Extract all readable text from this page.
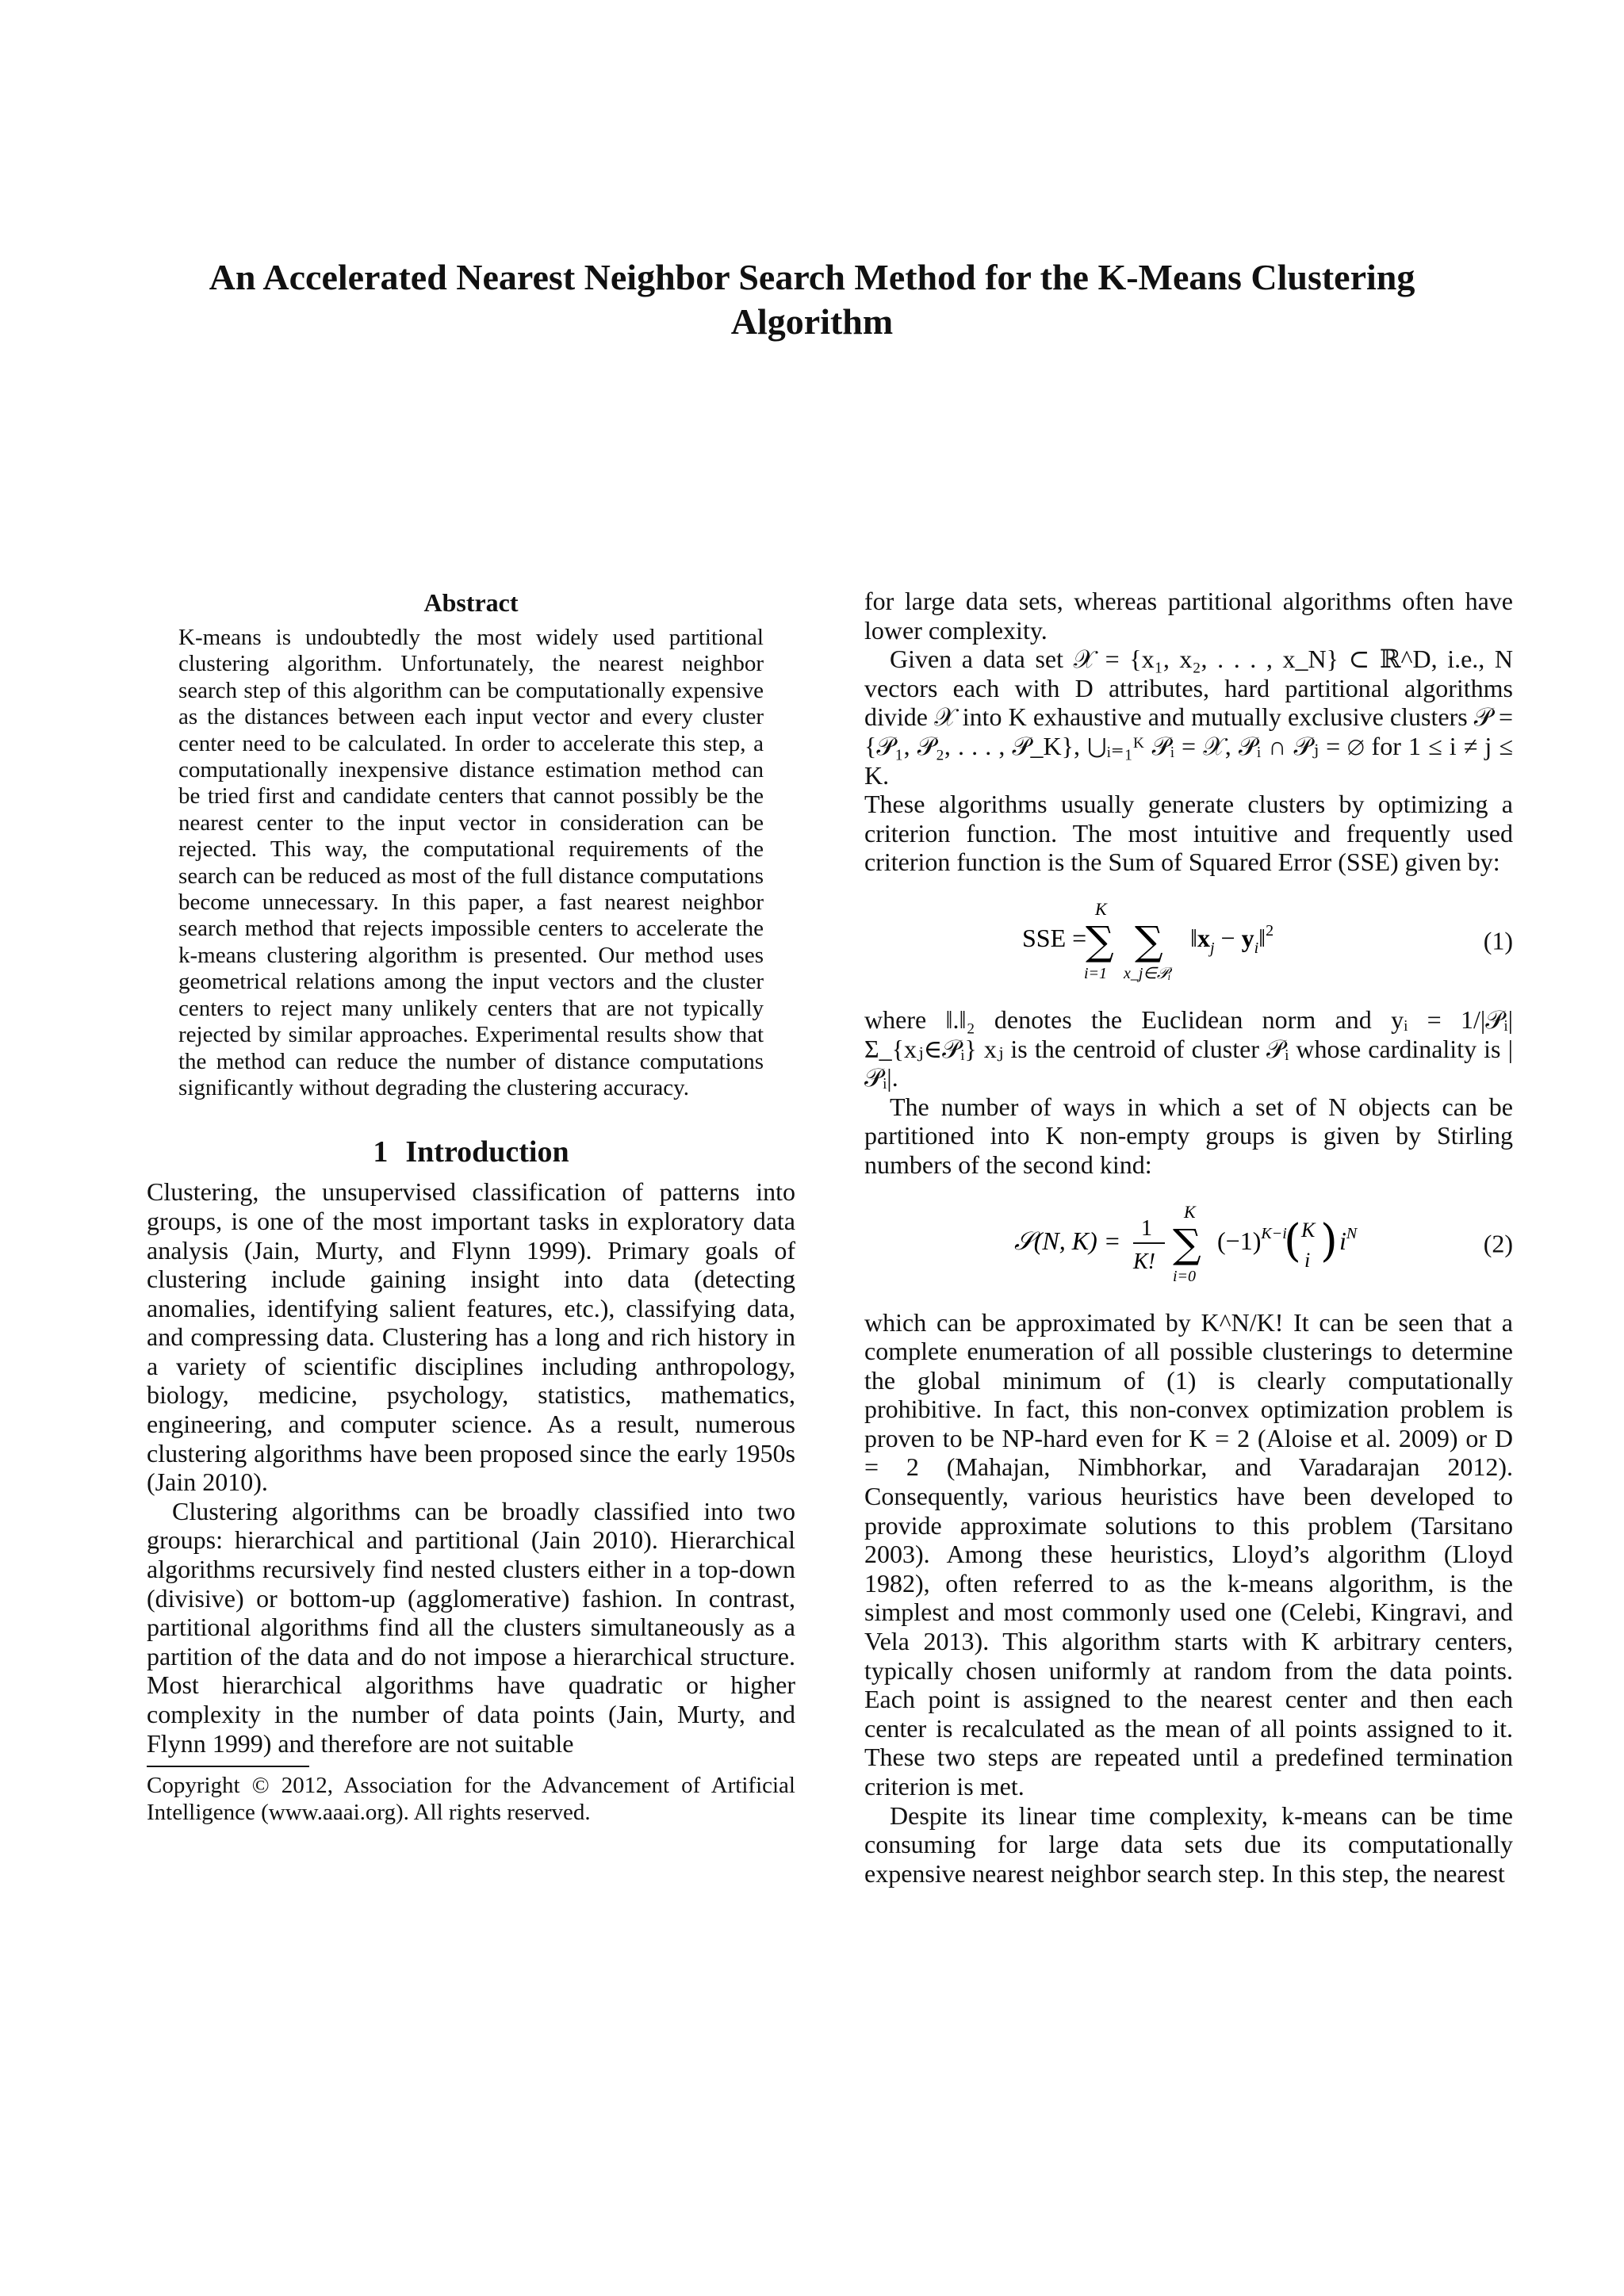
An Accelerated Nearest Neighbor Search Method for the K-Means Clustering Algorithm
Abstract

K-means is undoubtedly the most widely used partitional clustering algorithm. Unfortunately, the nearest neighbor search step of this algorithm can be computationally expensive as the distances between each input vector and every cluster center need to be calculated. In order to accelerate this step, a computationally inexpensive distance estimation method can be tried first and candidate centers that cannot possibly be the nearest center to the input vector in consideration can be rejected. This way, the computational requirements of the search can be reduced as most of the full distance computations become unnecessary. In this paper, a fast nearest neighbor search method that rejects impossible centers to accelerate the k-means clustering algorithm is presented. Our method uses geometrical relations among the input vectors and the cluster centers to reject many unlikely centers that are not typically rejected by similar approaches. Experimental results show that the method can reduce the number of distance computations significantly without degrading the clustering accuracy.

1 Introduction

Clustering, the unsupervised classification of patterns into groups, is one of the most important tasks in exploratory data analysis (Jain, Murty, and Flynn 1999). Primary goals of clustering include gaining insight into data (detecting anomalies, identifying salient features, etc.), classifying data, and compressing data. Clustering has a long and rich history in a variety of scientific disciplines including anthropology, biology, medicine, psychology, statistics, mathematics, engineering, and computer science. As a result, numerous clustering algorithms have been proposed since the early 1950s (Jain 2010).

Clustering algorithms can be broadly classified into two groups: hierarchical and partitional (Jain 2010). Hierarchical algorithms recursively find nested clusters either in a top-down (divisive) or bottom-up (agglomerative) fashion. In contrast, partitional algorithms find all the clusters simultaneously as a partition of the data and do not impose a hierarchical structure. Most hierarchical algorithms have quadratic or higher complexity in the number of data points (Jain, Murty, and Flynn 1999) and therefore are not suitable

Copyright © 2012, Association for the Advancement of Artificial Intelligence (www.aaai.org). All rights reserved.

for large data sets, whereas partitional algorithms often have lower complexity.

Given a data set 𝒳 = {x₁, x₂, . . . , x_N} ⊂ ℝ^D, i.e., N vectors each with D attributes, hard partitional algorithms divide 𝒳 into K exhaustive and mutually exclusive clusters 𝒫 = {𝒫₁, 𝒫₂, . . . , 𝒫_K}, ⋃ᵢ₌₁ᴷ 𝒫ᵢ = 𝒳, 𝒫ᵢ ∩ 𝒫ⱼ = ∅ for 1 ≤ i ≠ j ≤ K.

These algorithms usually generate clusters by optimizing a criterion function. The most intuitive and frequently used criterion function is the Sum of Squared Error (SSE) given by:

SSE =
K
∑
i=1
∑
x_j∈𝒫ᵢ
$‖x_j$ − $y_i‖^2$	(1)

where ‖.‖₂ denotes the Euclidean norm and yᵢ = 1/|𝒫ᵢ| Σ_{xⱼ∈𝒫ᵢ} xⱼ is the centroid of cluster 𝒫ᵢ whose cardinality is |𝒫ᵢ|.

The number of ways in which a set of N objects can be partitioned into K non-empty groups is given by Stirling numbers of the second kind:

𝒮(N, K) = 1
K!
K
∑
i=0
$(-1)^{K-i}$
( K
i ) $i^N$	(2)

which can be approximated by K^N/K! It can be seen that a complete enumeration of all possible clusterings to determine the global minimum of (1) is clearly computationally prohibitive. In fact, this non-convex optimization problem is proven to be NP-hard even for K = 2 (Aloise et al. 2009) or D = 2 (Mahajan, Nimbhorkar, and Varadarajan 2012). Consequently, various heuristics have been developed to provide approximate solutions to this problem (Tarsitano 2003). Among these heuristics, Lloyd’s algorithm (Lloyd 1982), often referred to as the k-means algorithm, is the simplest and most commonly used one (Celebi, Kingravi, and Vela 2013). This algorithm starts with K arbitrary centers, typically chosen uniformly at random from the data points. Each point is assigned to the nearest center and then each center is recalculated as the mean of all points assigned to it. These two steps are repeated until a predefined termination criterion is met.

Despite its linear time complexity, k-means can be time consuming for large data sets due its computationally expensive nearest neighbor search step. In this step, the nearest
